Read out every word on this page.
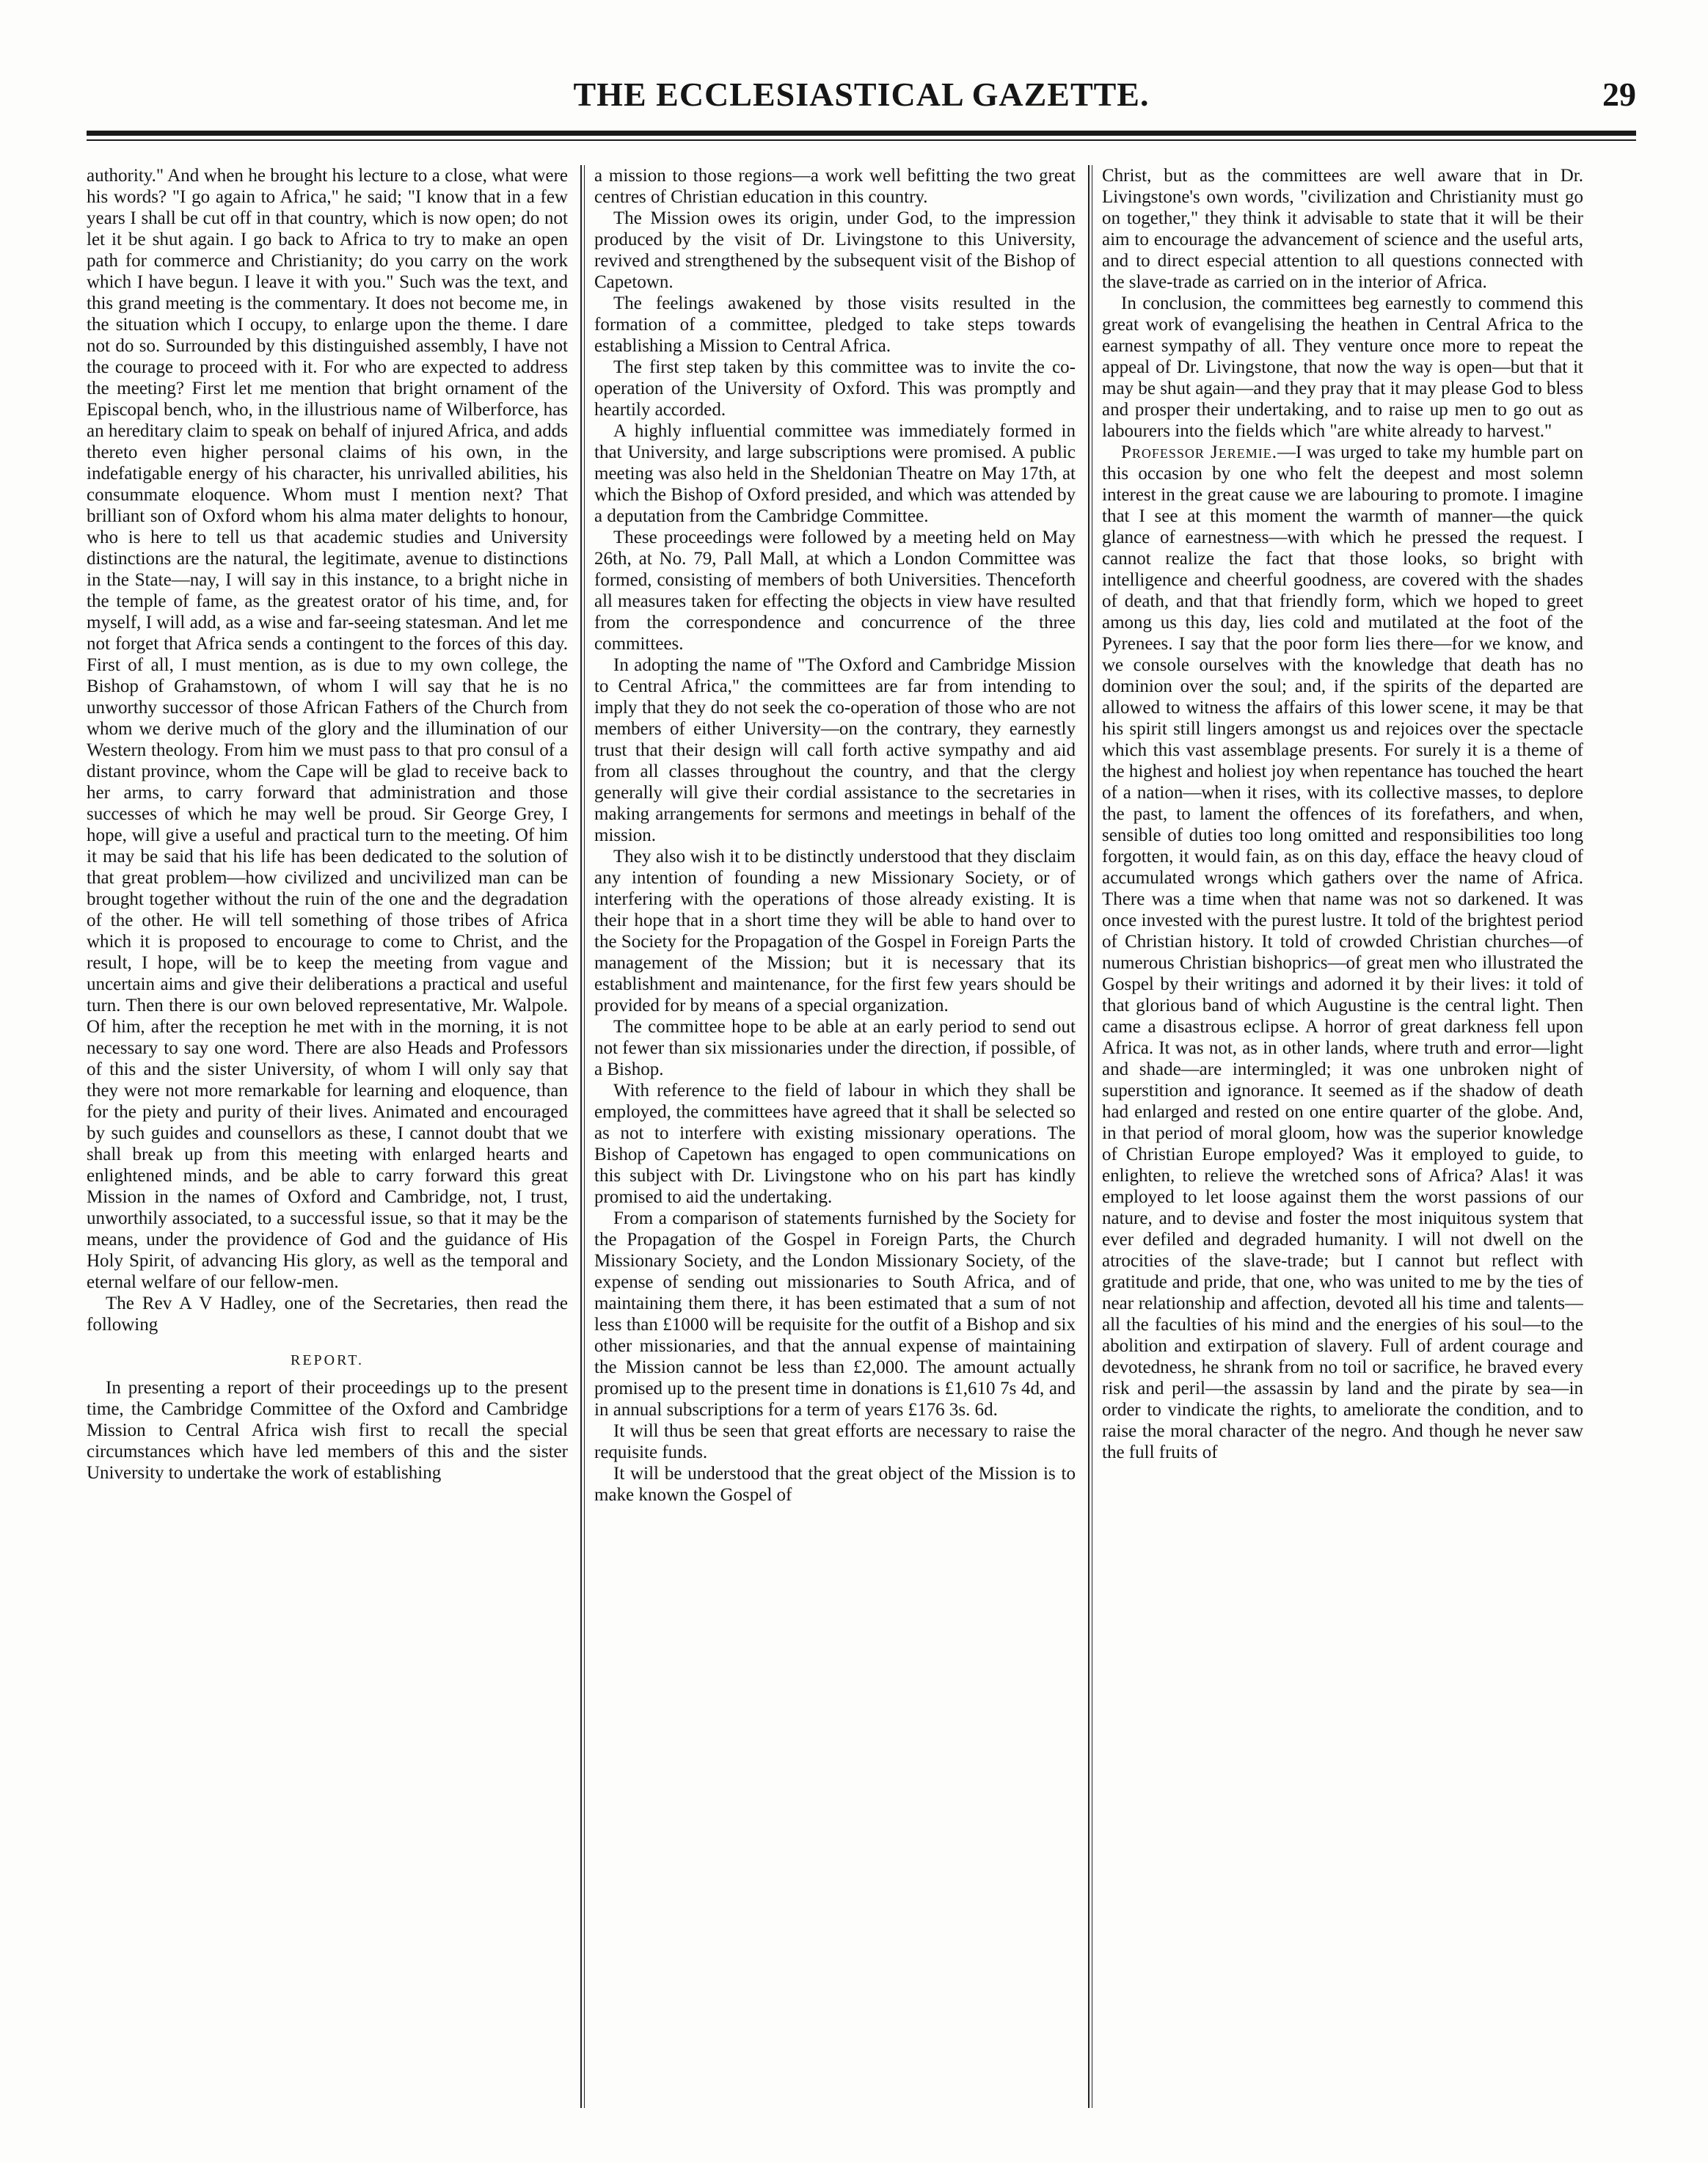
THE ECCLESIASTICAL GAZETTE.	29

authority." And when he brought his lecture to a close, what were his words? "I go again to Africa," he said; "I know that in a few years I shall be cut off in that country, which is now open; do not let it be shut again. I go back to Africa to try to make an open path for commerce and Christianity; do you carry on the work which I have begun. I leave it with you." Such was the text, and this grand meeting is the commentary. It does not become me, in the situation which I occupy, to enlarge upon the theme. I dare not do so. Surrounded by this distinguished assembly, I have not the courage to proceed with it. For who are expected to address the meeting? First let me mention that bright ornament of the Episcopal bench, who, in the illustrious name of Wilberforce, has an hereditary claim to speak on behalf of injured Africa, and adds thereto even higher personal claims of his own, in the indefatigable energy of his character, his unrivalled abilities, his consummate eloquence. Whom must I mention next? That brilliant son of Oxford whom his alma mater delights to honour, who is here to tell us that academic studies and University distinctions are the natural, the legitimate, avenue to distinctions in the State—nay, I will say in this instance, to a bright niche in the temple of fame, as the greatest orator of his time, and, for myself, I will add, as a wise and far-seeing statesman. And let me not forget that Africa sends a contingent to the forces of this day. First of all, I must mention, as is due to my own college, the Bishop of Grahamstown, of whom I will say that he is no unworthy successor of those African Fathers of the Church from whom we derive much of the glory and the illumination of our Western theology. From him we must pass to that pro consul of a distant province, whom the Cape will be glad to receive back to her arms, to carry forward that administration and those successes of which he may well be proud. Sir George Grey, I hope, will give a useful and practical turn to the meeting. Of him it may be said that his life has been dedicated to the solution of that great problem—how civilized and uncivilized man can be brought together without the ruin of the one and the degradation of the other. He will tell something of those tribes of Africa which it is proposed to encourage to come to Christ, and the result, I hope, will be to keep the meeting from vague and uncertain aims and give their deliberations a practical and useful turn. Then there is our own beloved representative, Mr. Walpole. Of him, after the reception he met with in the morning, it is not necessary to say one word. There are also Heads and Professors of this and the sister University, of whom I will only say that they were not more remarkable for learning and eloquence, than for the piety and purity of their lives. Animated and encouraged by such guides and counsellors as these, I cannot doubt that we shall break up from this meeting with enlarged hearts and enlightened minds, and be able to carry forward this great Mission in the names of Oxford and Cambridge, not, I trust, unworthily associated, to a successful issue, so that it may be the means, under the providence of God and the guidance of His Holy Spirit, of advancing His glory, as well as the temporal and eternal welfare of our fellow-men.

The Rev A V Hadley, one of the Secretaries, then read the following

REPORT.

In presenting a report of their proceedings up to the present time, the Cambridge Committee of the Oxford and Cambridge Mission to Central Africa wish first to recall the special circumstances which have led members of this and the sister University to undertake the work of establishing

a mission to those regions—a work well befitting the two great centres of Christian education in this country.

The Mission owes its origin, under God, to the impression produced by the visit of Dr. Livingstone to this University, revived and strengthened by the subsequent visit of the Bishop of Capetown.

The feelings awakened by those visits resulted in the formation of a committee, pledged to take steps towards establishing a Mission to Central Africa.

The first step taken by this committee was to invite the co-operation of the University of Oxford. This was promptly and heartily accorded.

A highly influential committee was immediately formed in that University, and large subscriptions were promised. A public meeting was also held in the Sheldonian Theatre on May 17th, at which the Bishop of Oxford presided, and which was attended by a deputation from the Cambridge Committee.

These proceedings were followed by a meeting held on May 26th, at No. 79, Pall Mall, at which a London Committee was formed, consisting of members of both Universities. Thenceforth all measures taken for effecting the objects in view have resulted from the correspondence and concurrence of the three committees.

In adopting the name of "The Oxford and Cambridge Mission to Central Africa," the committees are far from intending to imply that they do not seek the co-operation of those who are not members of either University—on the contrary, they earnestly trust that their design will call forth active sympathy and aid from all classes throughout the country, and that the clergy generally will give their cordial assistance to the secretaries in making arrangements for sermons and meetings in behalf of the mission.

They also wish it to be distinctly understood that they disclaim any intention of founding a new Missionary Society, or of interfering with the operations of those already existing. It is their hope that in a short time they will be able to hand over to the Society for the Propagation of the Gospel in Foreign Parts the management of the Mission; but it is necessary that its establishment and maintenance, for the first few years should be provided for by means of a special organization.

The committee hope to be able at an early period to send out not fewer than six missionaries under the direction, if possible, of a Bishop.

With reference to the field of labour in which they shall be employed, the committees have agreed that it shall be selected so as not to interfere with existing missionary operations. The Bishop of Capetown has engaged to open communications on this subject with Dr. Livingstone who on his part has kindly promised to aid the undertaking.

From a comparison of statements furnished by the Society for the Propagation of the Gospel in Foreign Parts, the Church Missionary Society, and the London Missionary Society, of the expense of sending out missionaries to South Africa, and of maintaining them there, it has been estimated that a sum of not less than £1000 will be requisite for the outfit of a Bishop and six other missionaries, and that the annual expense of maintaining the Mission cannot be less than £2,000. The amount actually promised up to the present time in donations is £1,610 7s 4d, and in annual subscriptions for a term of years £176 3s. 6d.

It will thus be seen that great efforts are necessary to raise the requisite funds.

It will be understood that the great object of the Mission is to make known the Gospel of

Christ, but as the committees are well aware that in Dr. Livingstone's own words, "civilization and Christianity must go on together," they think it advisable to state that it will be their aim to encourage the advancement of science and the useful arts, and to direct especial attention to all questions connected with the slave-trade as carried on in the interior of Africa.

In conclusion, the committees beg earnestly to commend this great work of evangelising the heathen in Central Africa to the earnest sympathy of all. They venture once more to repeat the appeal of Dr. Livingstone, that now the way is open—but that it may be shut again—and they pray that it may please God to bless and prosper their undertaking, and to raise up men to go out as labourers into the fields which "are white already to harvest."

Professor Jeremie.—I was urged to take my humble part on this occasion by one who felt the deepest and most solemn interest in the great cause we are labouring to promote. I imagine that I see at this moment the warmth of manner—the quick glance of earnestness—with which he pressed the request. I cannot realize the fact that those looks, so bright with intelligence and cheerful goodness, are covered with the shades of death, and that that friendly form, which we hoped to greet among us this day, lies cold and mutilated at the foot of the Pyrenees. I say that the poor form lies there—for we know, and we console ourselves with the knowledge that death has no dominion over the soul; and, if the spirits of the departed are allowed to witness the affairs of this lower scene, it may be that his spirit still lingers amongst us and rejoices over the spectacle which this vast assemblage presents. For surely it is a theme of the highest and holiest joy when repentance has touched the heart of a nation—when it rises, with its collective masses, to deplore the past, to lament the offences of its forefathers, and when, sensible of duties too long omitted and responsibilities too long forgotten, it would fain, as on this day, efface the heavy cloud of accumulated wrongs which gathers over the name of Africa. There was a time when that name was not so darkened. It was once invested with the purest lustre. It told of the brightest period of Christian history. It told of crowded Christian churches—of numerous Christian bishoprics—of great men who illustrated the Gospel by their writings and adorned it by their lives: it told of that glorious band of which Augustine is the central light. Then came a disastrous eclipse. A horror of great darkness fell upon Africa. It was not, as in other lands, where truth and error—light and shade—are intermingled; it was one unbroken night of superstition and ignorance. It seemed as if the shadow of death had enlarged and rested on one entire quarter of the globe. And, in that period of moral gloom, how was the superior knowledge of Christian Europe employed? Was it employed to guide, to enlighten, to relieve the wretched sons of Africa? Alas! it was employed to let loose against them the worst passions of our nature, and to devise and foster the most iniquitous system that ever defiled and degraded humanity. I will not dwell on the atrocities of the slave-trade; but I cannot but reflect with gratitude and pride, that one, who was united to me by the ties of near relationship and affection, devoted all his time and talents—all the faculties of his mind and the energies of his soul—to the abolition and extirpation of slavery. Full of ardent courage and devotedness, he shrank from no toil or sacrifice, he braved every risk and peril—the assassin by land and the pirate by sea—in order to vindicate the rights, to ameliorate the condition, and to raise the moral character of the negro. And though he never saw the full fruits of
